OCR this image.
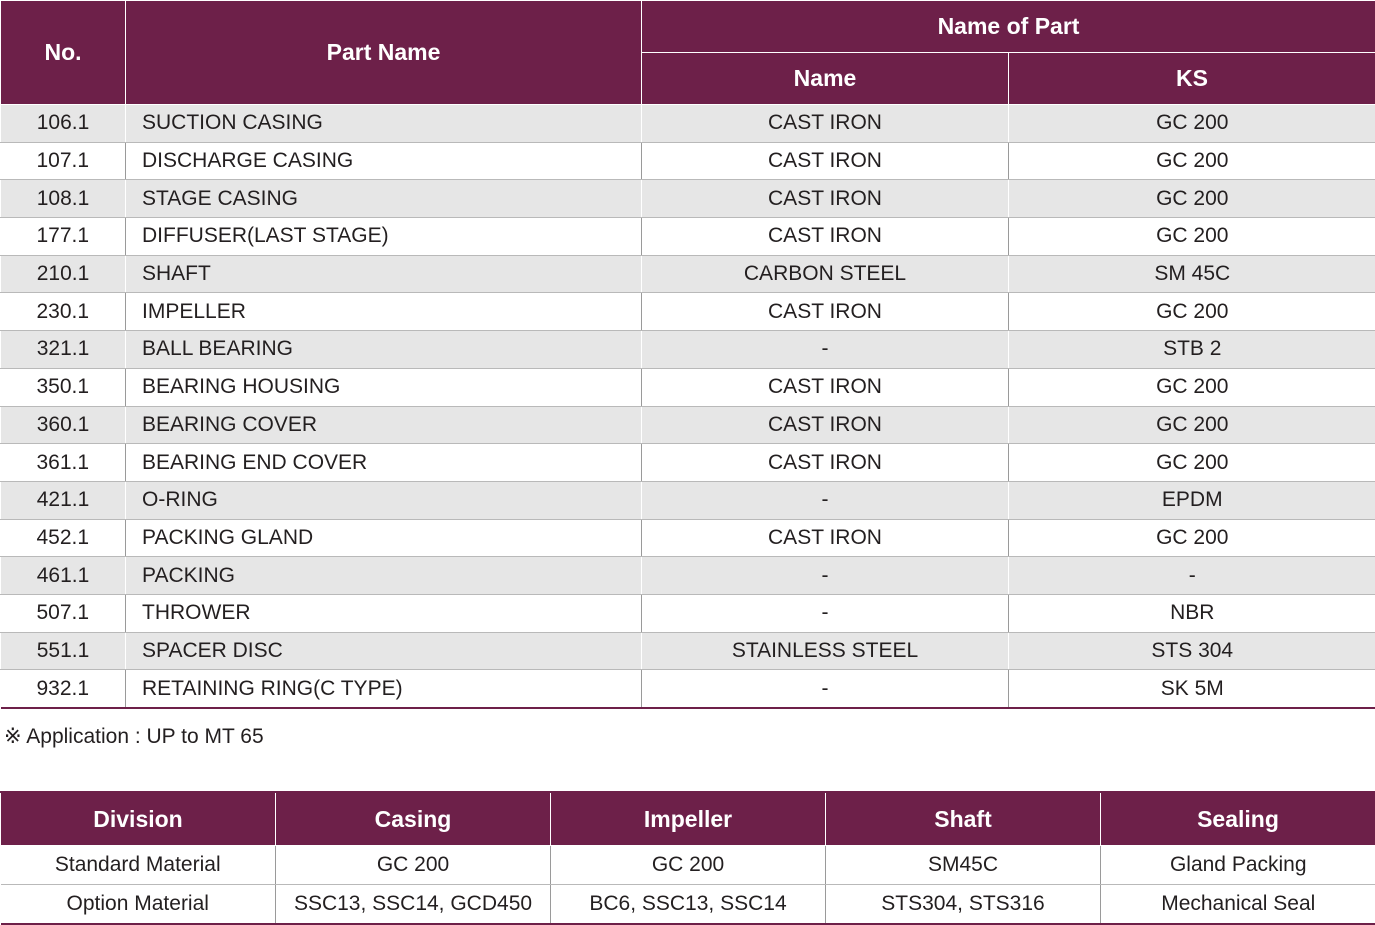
No.	Part Name	Name of Part	
		Name	KS
106.1	SUCTION CASING	CAST IRON	GC 200
107.1	DISCHARGE CASING	CAST IRON	GC 200
108.1	STAGE CASING	CAST IRON	GC 200
177.1	DIFFUSER(LAST STAGE)	CAST IRON	GC 200
210.1	SHAFT	CARBON STEEL	SM 45C
230.1	IMPELLER	CAST IRON	GC 200
321.1	BALL BEARING	-	STB 2
350.1	BEARING HOUSING	CAST IRON	GC 200
360.1	BEARING COVER	CAST IRON	GC 200
361.1	BEARING END COVER	CAST IRON	GC 200
421.1	O-RING	-	EPDM
452.1	PACKING GLAND	CAST IRON	GC 200
461.1	PACKING	-	-
507.1	THROWER	-	NBR
551.1	SPACER DISC	STAINLESS STEEL	STS 304
932.1	RETAINING RING(C TYPE)	-	SK 5M
※ Application : UP to MT 65
Division	Casing	Impeller	Shaft	Sealing
Standard Material	GC 200	GC 200	SM45C	Gland Packing
Option Material	SSC13, SSC14, GCD450	BC6, SSC13, SSC14	STS304, STS316	Mechanical Seal
